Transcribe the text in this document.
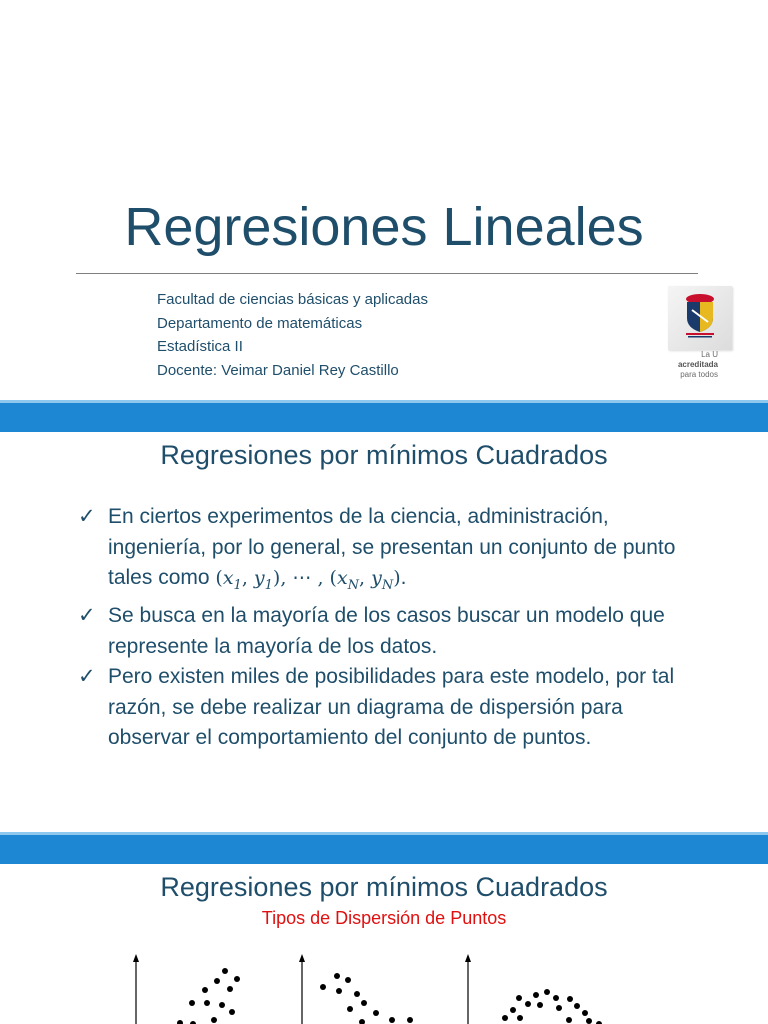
Regresiones Lineales
Facultad de ciencias básicas y aplicadas
Departamento de matemáticas
Estadística II
Docente: Veimar Daniel Rey Castillo
La U
acreditada
para todos
Regresiones por mínimos Cuadrados
✓ En ciertos experimentos de la ciencia, administración, ingeniería, por lo general, se presentan un conjunto de punto tales como ($x_1$, $y_1$), ⋯ , ($x_N$, $y_N$).
✓ Se busca en la mayoría de los casos buscar un modelo que represente la mayoría de los datos.
✓ Pero existen miles de posibilidades para este modelo, por tal razón, se debe realizar un diagrama de dispersión para observar el comportamiento del conjunto de puntos.
Regresiones por mínimos Cuadrados
Tipos de Dispersión de Puntos
